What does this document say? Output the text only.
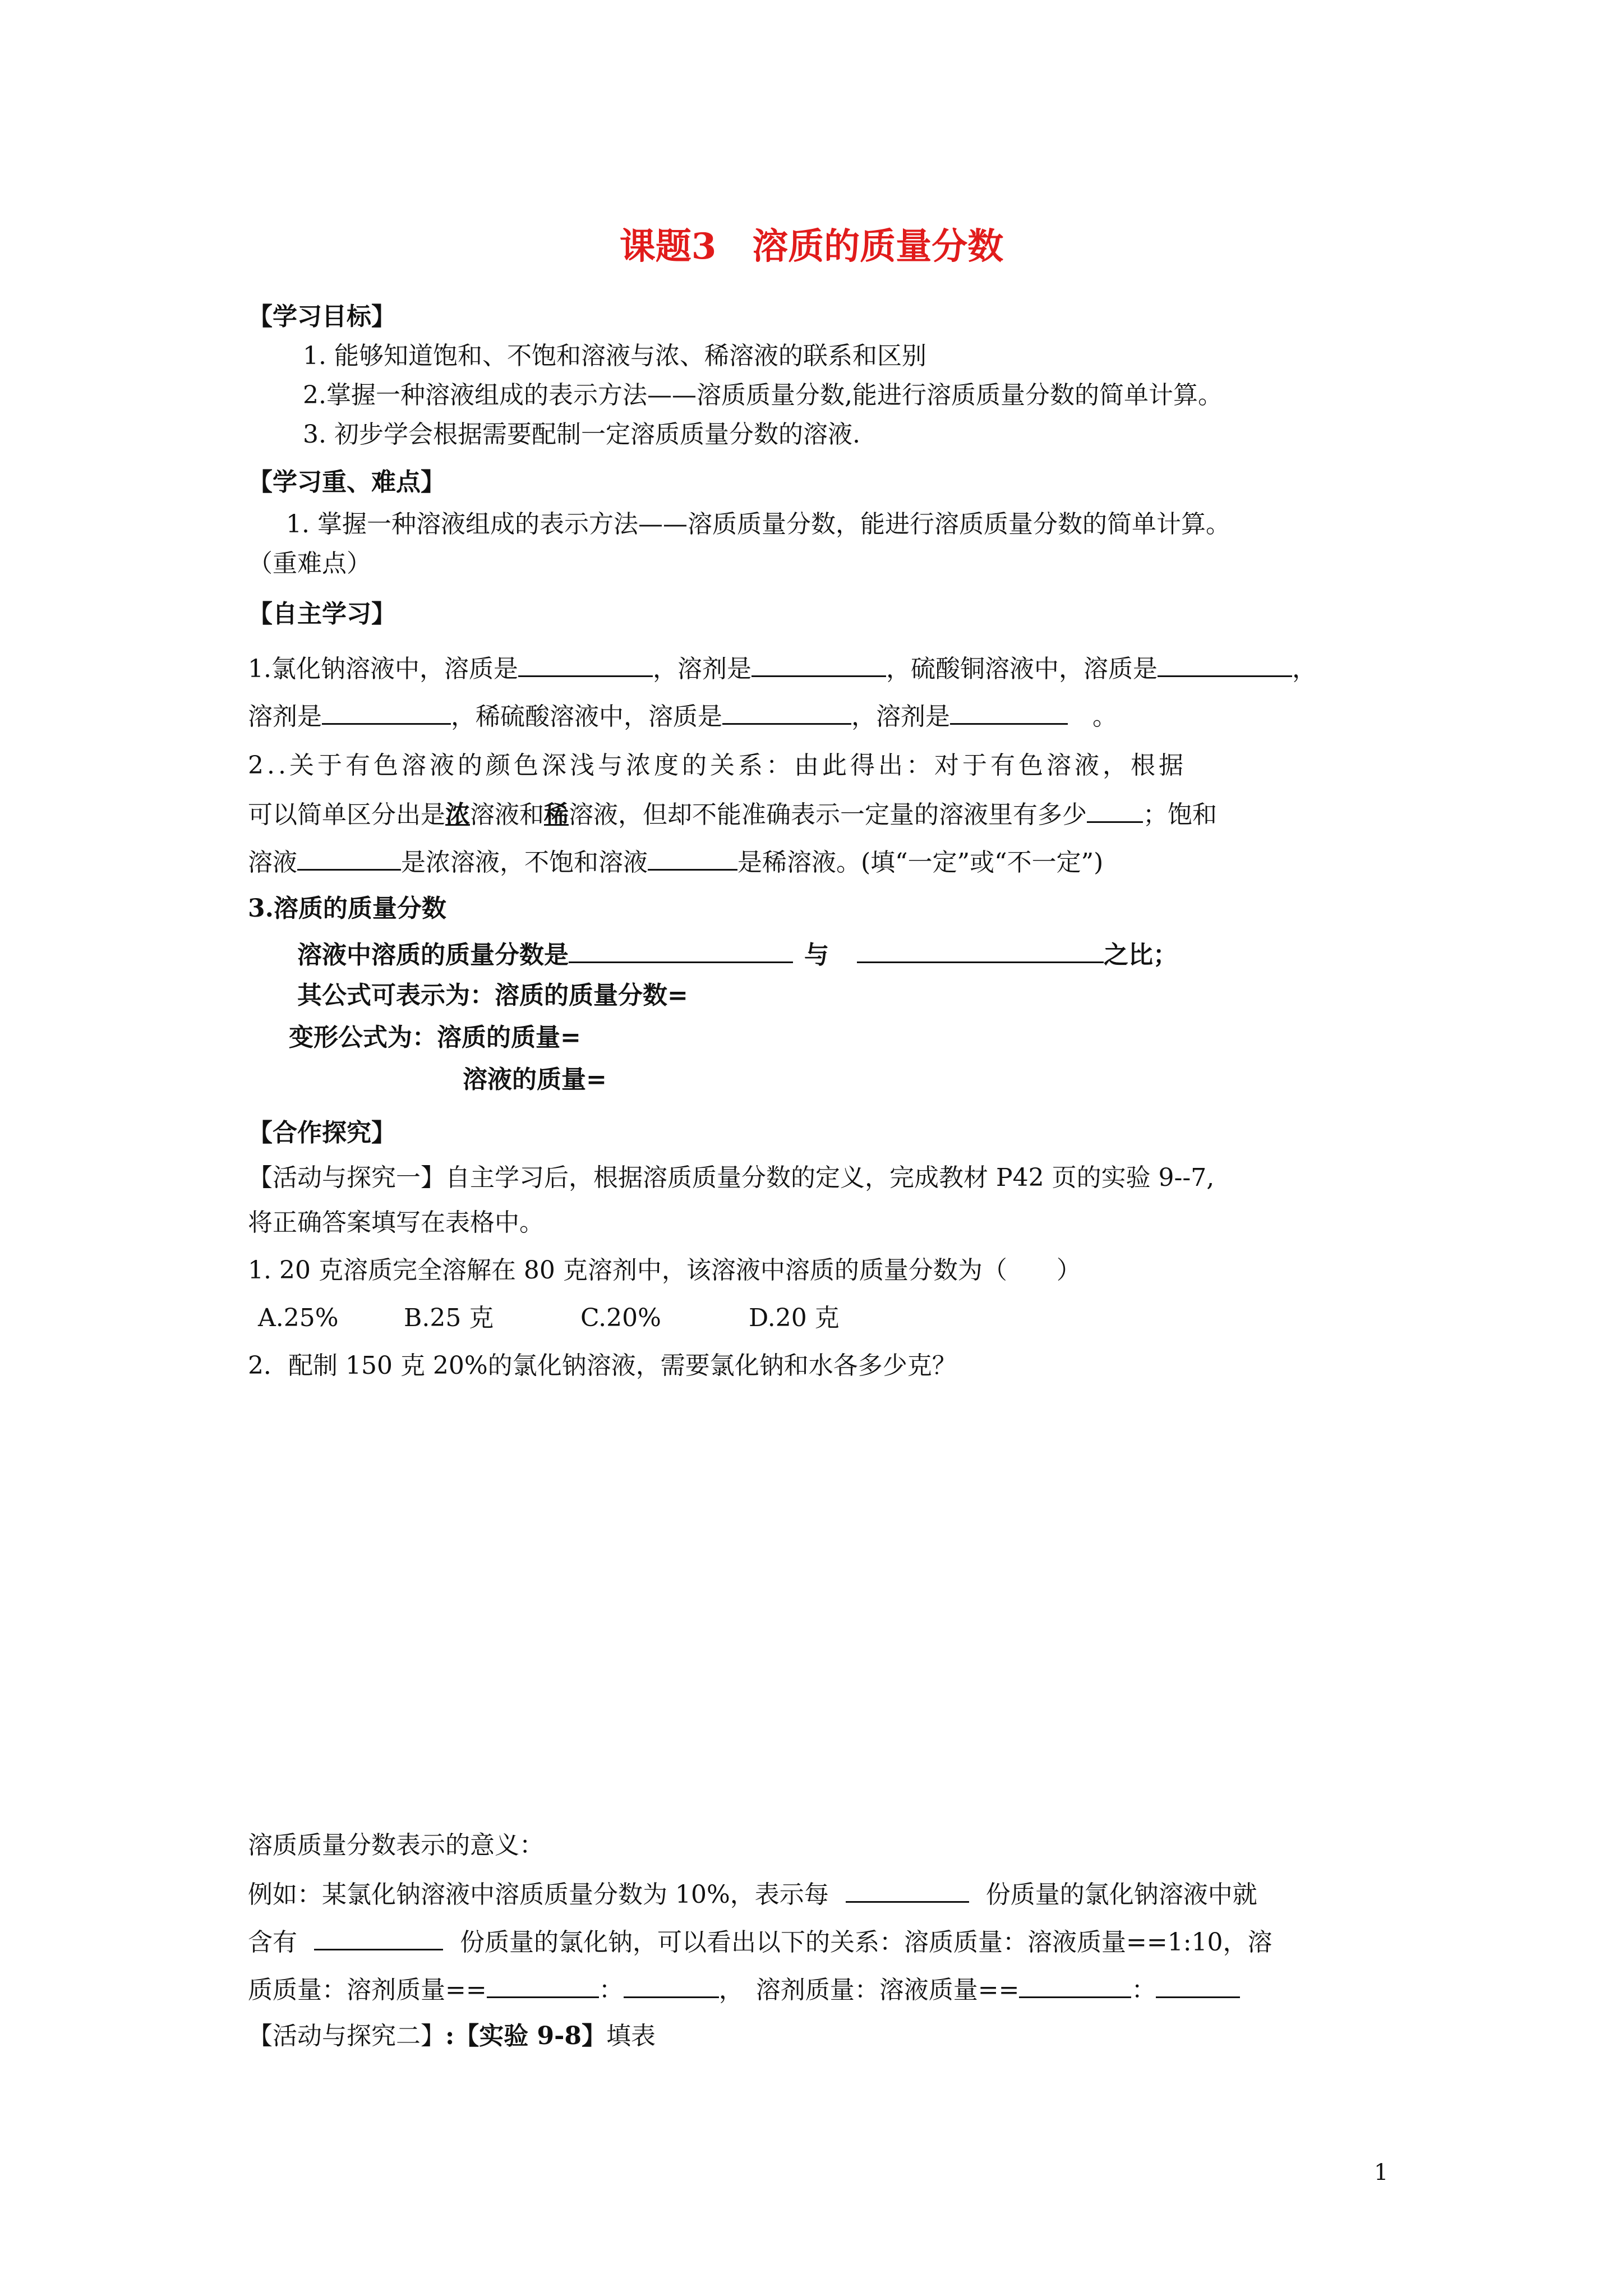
课题3　溶质的质量分数
【学习目标】
1. 能够知道饱和、不饱和溶液与浓、稀溶液的联系和区别
2.掌握一种溶液组成的表示方法——溶质质量分数,能进行溶质质量分数的简单计算。
3. 初步学会根据需要配制一定溶质质量分数的溶液.
【学习重、难点】
1. 掌握一种溶液组成的表示方法——溶质质量分数，能进行溶质质量分数的简单计算。
（重难点）
【自主学习】
1.氯化钠溶液中，溶质是	，溶剂是	，硫酸铜溶液中，溶质是	，
溶剂是	，稀硫酸溶液中，溶质是	，溶剂是	　。
2..关于有色溶液的颜色深浅与浓度的关系：由此得出：对于有色溶液，根据
可以简单区分出是浓溶液和稀溶液，但却不能准确表示一定量的溶液里有多少 ；饱和
溶液	是浓溶液，不饱和溶液	是稀溶液。(填“一定”或“不一定”)
3.溶质的质量分数
溶液中溶质的质量分数是	与	之比；
其公式可表示为：溶质的质量分数=
变形公式为：溶质的质量=
溶液的质量=
【合作探究】
【活动与探究一】自主学习后，根据溶质质量分数的定义，完成教材 P42 页的实验 9--7,
将正确答案填写在表格中。
1. 20 克溶质完全溶解在 80 克溶剂中，该溶液中溶质的质量分数为（　　）
A.25%	B.25 克	C.20%	D.20 克
2．配制 150 克 20%的氯化钠溶液，需要氯化钠和水各多少克？
溶质质量分数表示的意义：
例如：某氯化钠溶液中溶质质量分数为 10%，表示每	份质量的氯化钠溶液中就
含有	份质量的氯化钠，可以看出以下的关系：溶质质量：溶液质量==1:10，溶
质质量：溶剂质量==	：	，　溶剂质量：溶液质量==	：
【活动与探究二】:【实验 9-8】填表
1
